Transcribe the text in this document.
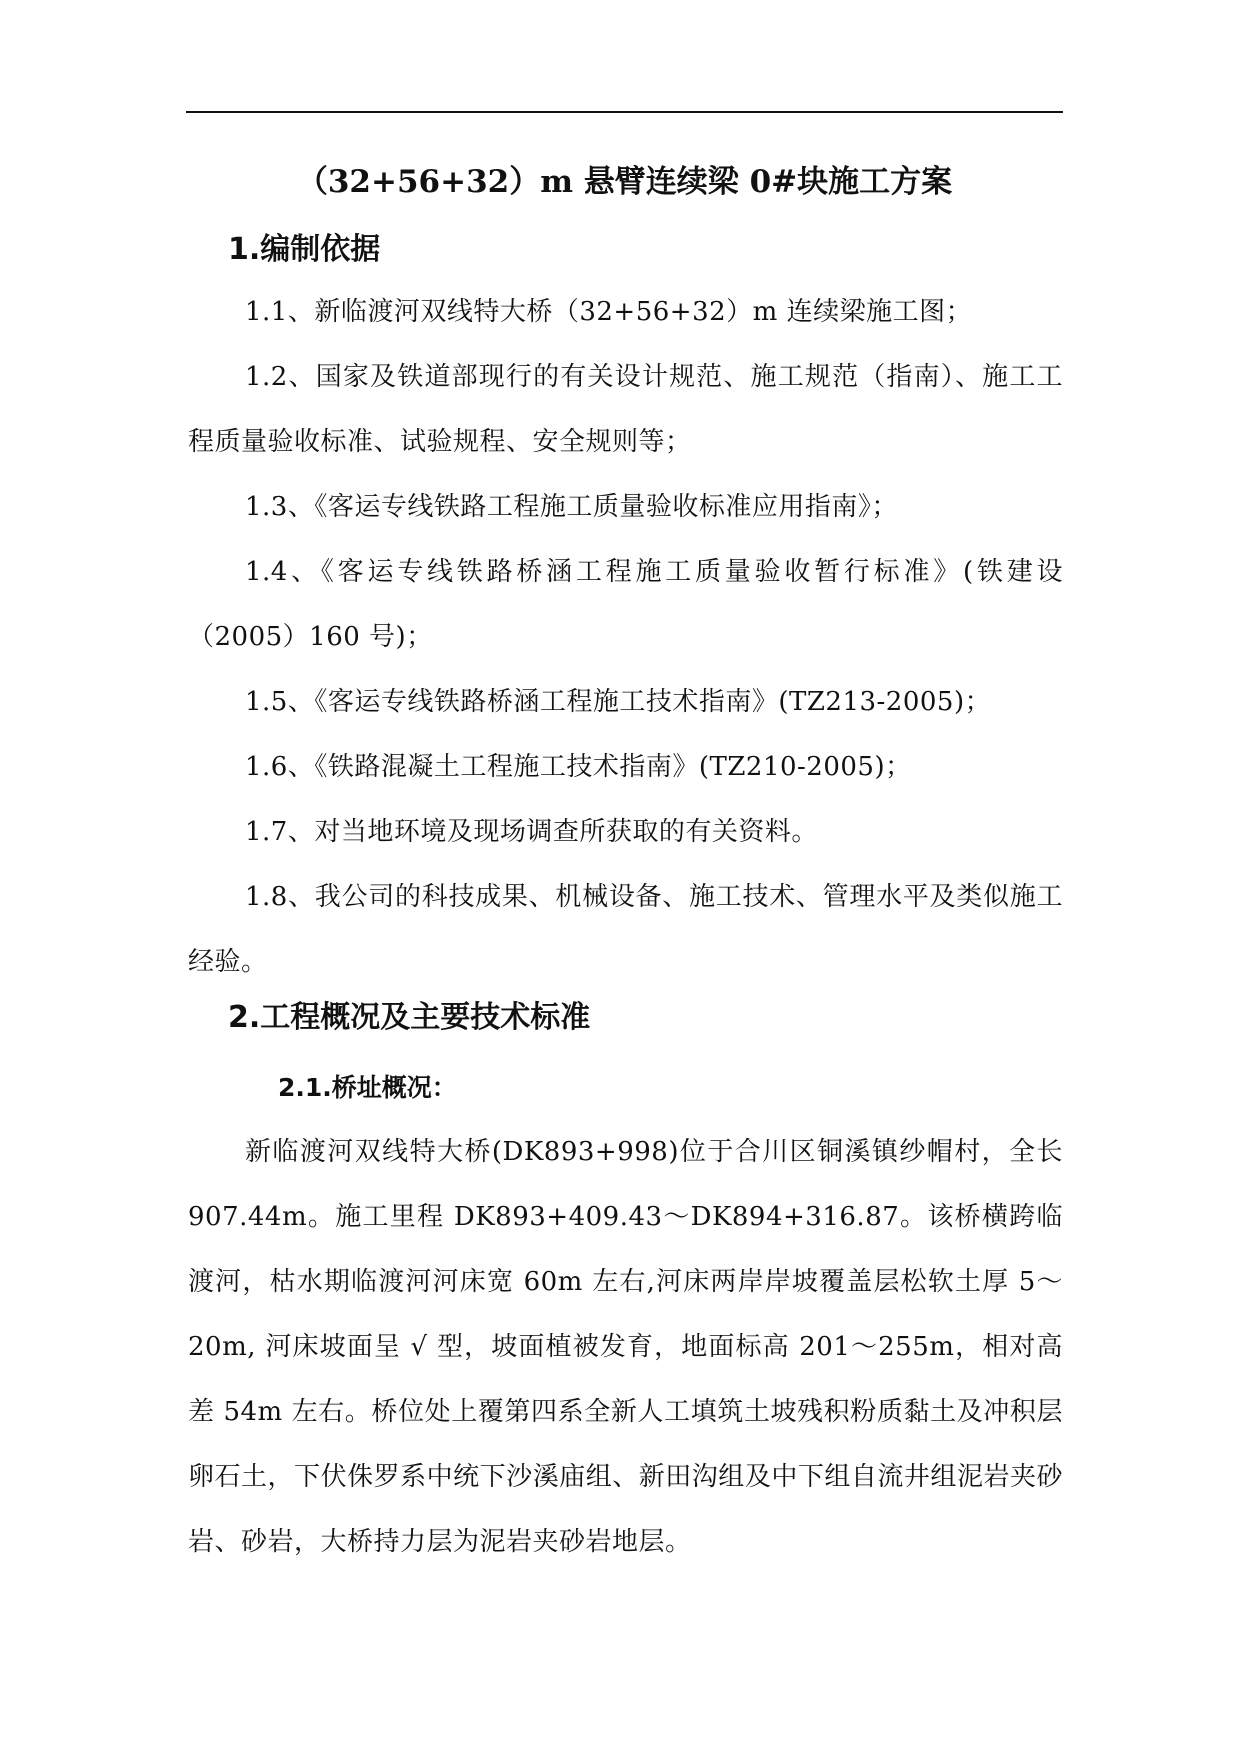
（32+56+32）m 悬臂连续梁 0#块施工方案
1.编制依据
1.1、新临渡河双线特大桥（32+56+32）m 连续梁施工图；
1.2、国家及铁道部现行的有关设计规范、施工规范（指南）、施工工程质量验收标准、试验规程、安全规则等；
1.3、《客运专线铁路工程施工质量验收标准应用指南》；
1.4、《客运专线铁路桥涵工程施工质量验收暂行标准》(铁建设（2005）160 号)；
1.5、《客运专线铁路桥涵工程施工技术指南》(TZ213-2005)；
1.6、《铁路混凝土工程施工技术指南》(TZ210-2005)；
1.7、对当地环境及现场调查所获取的有关资料。
1.8、我公司的科技成果、机械设备、施工技术、管理水平及类似施工经验。
2.工程概况及主要技术标准
2.1.桥址概况：
新临渡河双线特大桥(DK893+998)位于合川区铜溪镇纱帽村，全长 907.44m。施工里程 DK893+409.43～DK894+316.87。该桥横跨临渡河，枯水期临渡河河床宽 60m 左右,河床两岸岸坡覆盖层松软土厚 5～20m, 河床坡面呈 √ 型，坡面植被发育，地面标高 201～255m，相对高差 54m 左右。桥位处上覆第四系全新人工填筑土坡残积粉质黏土及冲积层卵石土，下伏侏罗系中统下沙溪庙组、新田沟组及中下组自流井组泥岩夹砂岩、砂岩，大桥持力层为泥岩夹砂岩地层。
